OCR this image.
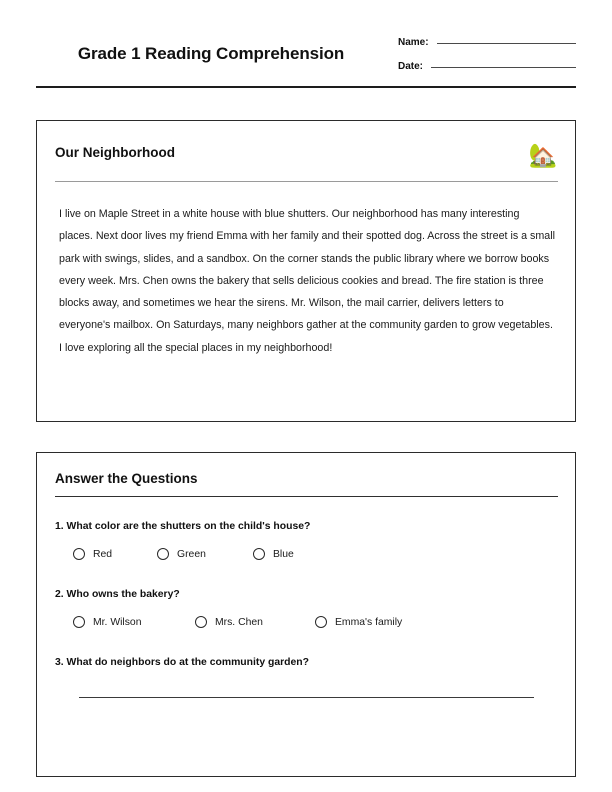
Grade 1 Reading Comprehension
Name:
Date:
Our Neighborhood	🏡
I live on Maple Street in a white house with blue shutters. Our neighborhood has many interesting places. Next door lives my friend Emma with her family and their spotted dog. Across the street is a small park with swings, slides, and a sandbox. On the corner stands the public library where we borrow books every week. Mrs. Chen owns the bakery that sells delicious cookies and bread. The fire station is three blocks away, and sometimes we hear the sirens. Mr. Wilson, the mail carrier, delivers letters to everyone's mailbox. On Saturdays, many neighbors gather at the community garden to grow vegetables. I love exploring all the special places in my neighborhood!
Answer the Questions
1. What color are the shutters on the child's house?
Red	Green	Blue
2. Who owns the bakery?
Mr. Wilson	Mrs. Chen	Emma's family
3. What do neighbors do at the community garden?
